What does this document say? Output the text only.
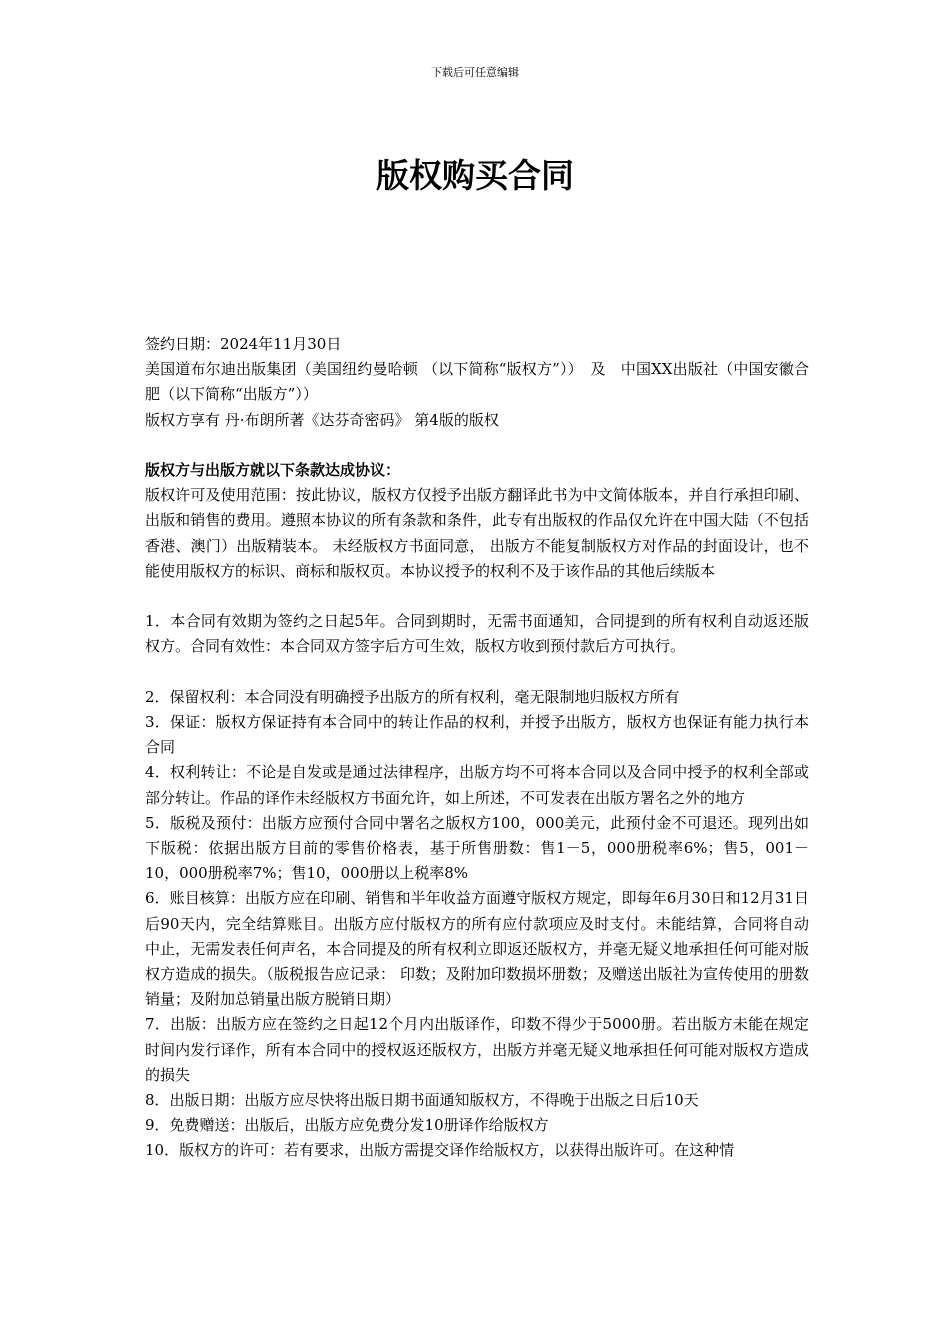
下载后可任意编辑
版权购买合同

签约日期：2024年11月30日

美国道布尔迪出版集团（美国纽约曼哈顿 （以下简称“版权方”））　及　中国XX出版社（中国安徽合肥（以下简称“出版方”））

版权方享有 丹·布朗所著《达芬奇密码》 第4版的版权

版权方与出版方就以下条款达成协议：

版权许可及使用范围：按此协议，版权方仅授予出版方翻译此书为中文简体版本，并自行承担印刷、出版和销售的费用。遵照本协议的所有条款和条件，此专有出版权的作品仅允许在中国大陆（不包括香港、澳门）出版精装本。 未经版权方书面同意， 出版方不能复制版权方对作品的封面设计，也不能使用版权方的标识、商标和版权页。本协议授予的权利不及于该作品的其他后续版本

1．本合同有效期为签约之日起5年。合同到期时，无需书面通知，合同提到的所有权利自动返还版权方。合同有效性：本合同双方签字后方可生效，版权方收到预付款后方可执行。

2．保留权利：本合同没有明确授予出版方的所有权利，毫无限制地归版权方所有

3．保证：版权方保证持有本合同中的转让作品的权利，并授予出版方，版权方也保证有能力执行本合同

4．权利转让：不论是自发或是通过法律程序，出版方均不可将本合同以及合同中授予的权利全部或部分转让。作品的译作未经版权方书面允许，如上所述，不可发表在出版方署名之外的地方

5．版税及预付：出版方应预付合同中署名之版权方100，000美元，此预付金不可退还。现列出如下版税：依据出版方目前的零售价格表，基于所售册数：售1－5，000册税率6%；售5，001－10，000册税率7%；售10，000册以上税率8%

6．账目核算：出版方应在印刷、销售和半年收益方面遵守版权方规定，即每年6月30日和12月31日后90天内，完全结算账目。出版方应付版权方的所有应付款项应及时支付。未能结算，合同将自动中止，无需发表任何声名，本合同提及的所有权利立即返还版权方，并毫无疑义地承担任何可能对版权方造成的损失。（版税报告应记录： 印数；及附加印数损坏册数；及赠送出版社为宣传使用的册数 销量；及附加总销量出版方脱销日期）

7．出版：出版方应在签约之日起12个月内出版译作，印数不得少于5000册。若出版方未能在规定时间内发行译作，所有本合同中的授权返还版权方，出版方并毫无疑义地承担任何可能对版权方造成的损失

8．出版日期：出版方应尽快将出版日期书面通知版权方，不得晚于出版之日后10天

9．免费赠送：出版后，出版方应免费分发10册译作给版权方

10．版权方的许可：若有要求，出版方需提交译作给版权方，以获得出版许可。在这种情
